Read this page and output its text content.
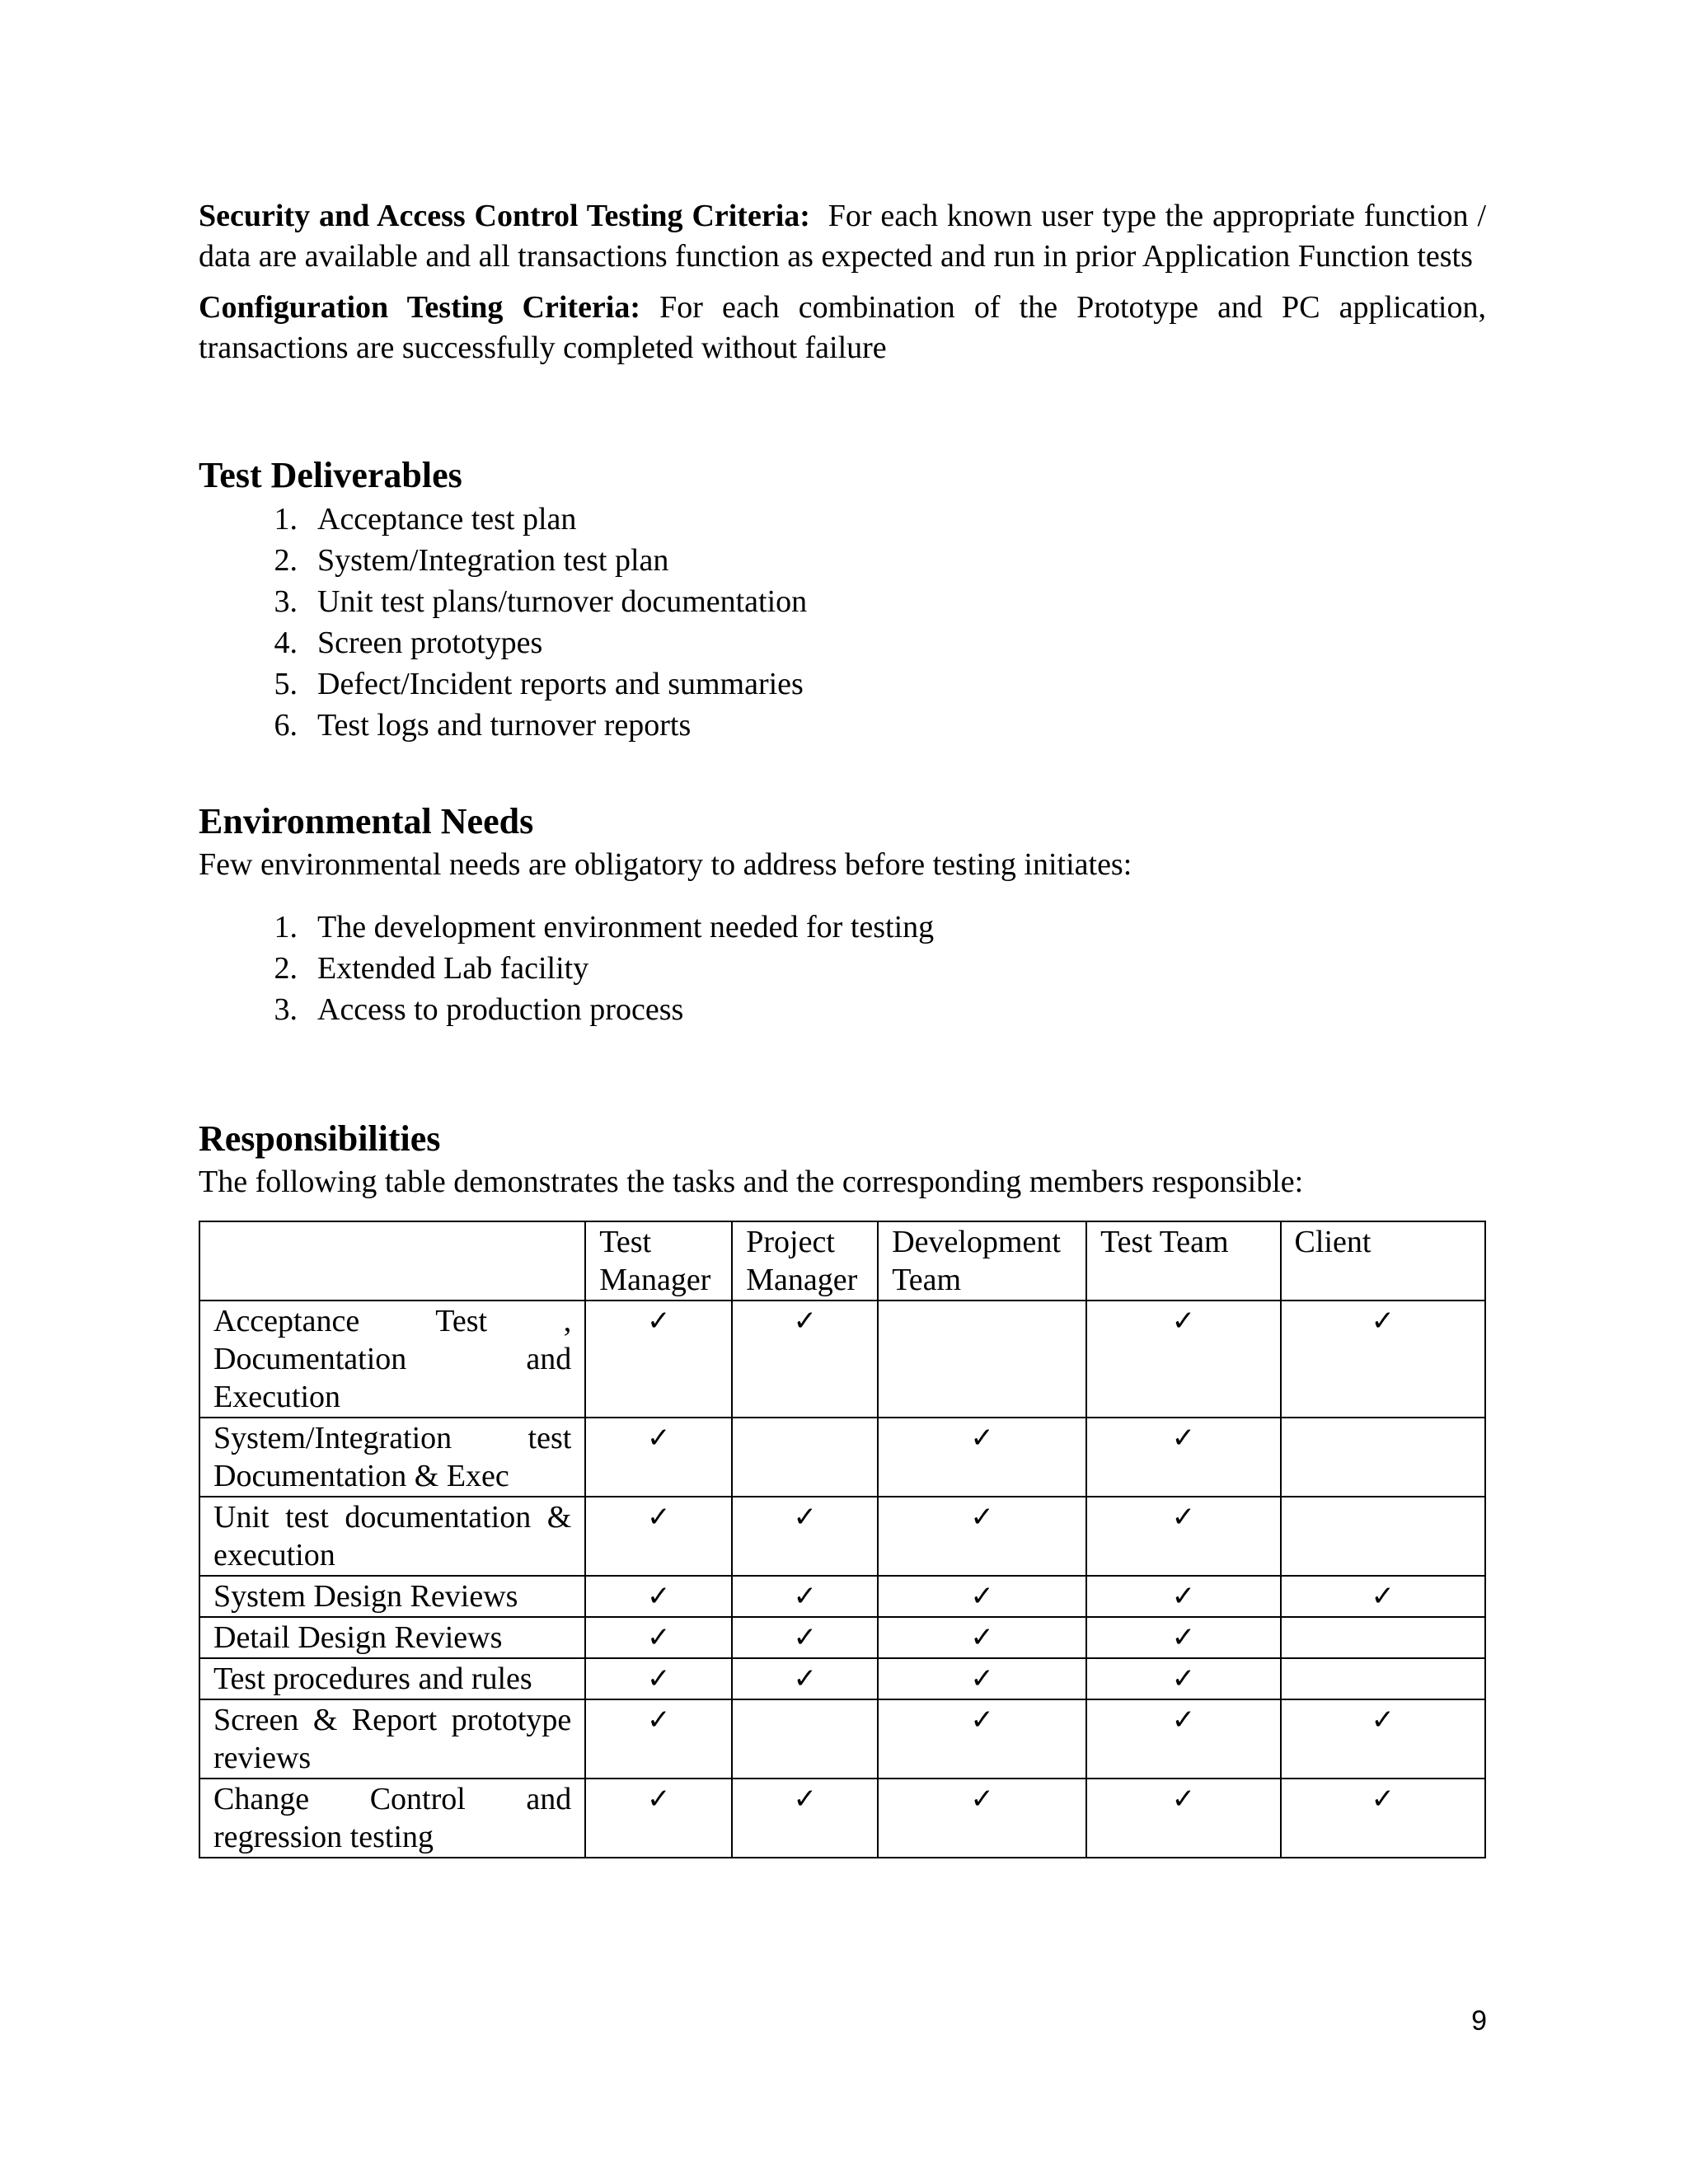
Security and Access Control Testing Criteria: For each known user type the appropriate function / data are available and all transactions function as expected and run in prior Application Function tests

Configuration Testing Criteria: For each combination of the Prototype and PC application, transactions are successfully completed without failure

Test Deliverables
1. Acceptance test plan
2. System/Integration test plan
3. Unit test plans/turnover documentation
4. Screen prototypes
5. Defect/Incident reports and summaries
6. Test logs and turnover reports
Environmental Needs

Few environmental needs are obligatory to address before testing initiates:

1. The development environment needed for testing
2. Extended Lab facility
3. Access to production process
Responsibilities

The following table demonstrates the tasks and the corresponding members responsible:

	Test Manager	Project Manager	Development Team	Test Team	Client
Acceptance Test , Documentation and Execution	✓	✓		✓	✓
System/Integration test Documentation & Exec	✓		✓	✓	
Unit test documentation & execution	✓	✓	✓	✓	
System Design Reviews	✓	✓	✓	✓	✓
Detail Design Reviews	✓	✓	✓	✓	
Test procedures and rules	✓	✓	✓	✓	
Screen & Report prototype reviews	✓		✓	✓	✓
Change Control and regression testing	✓	✓	✓	✓	✓
9
